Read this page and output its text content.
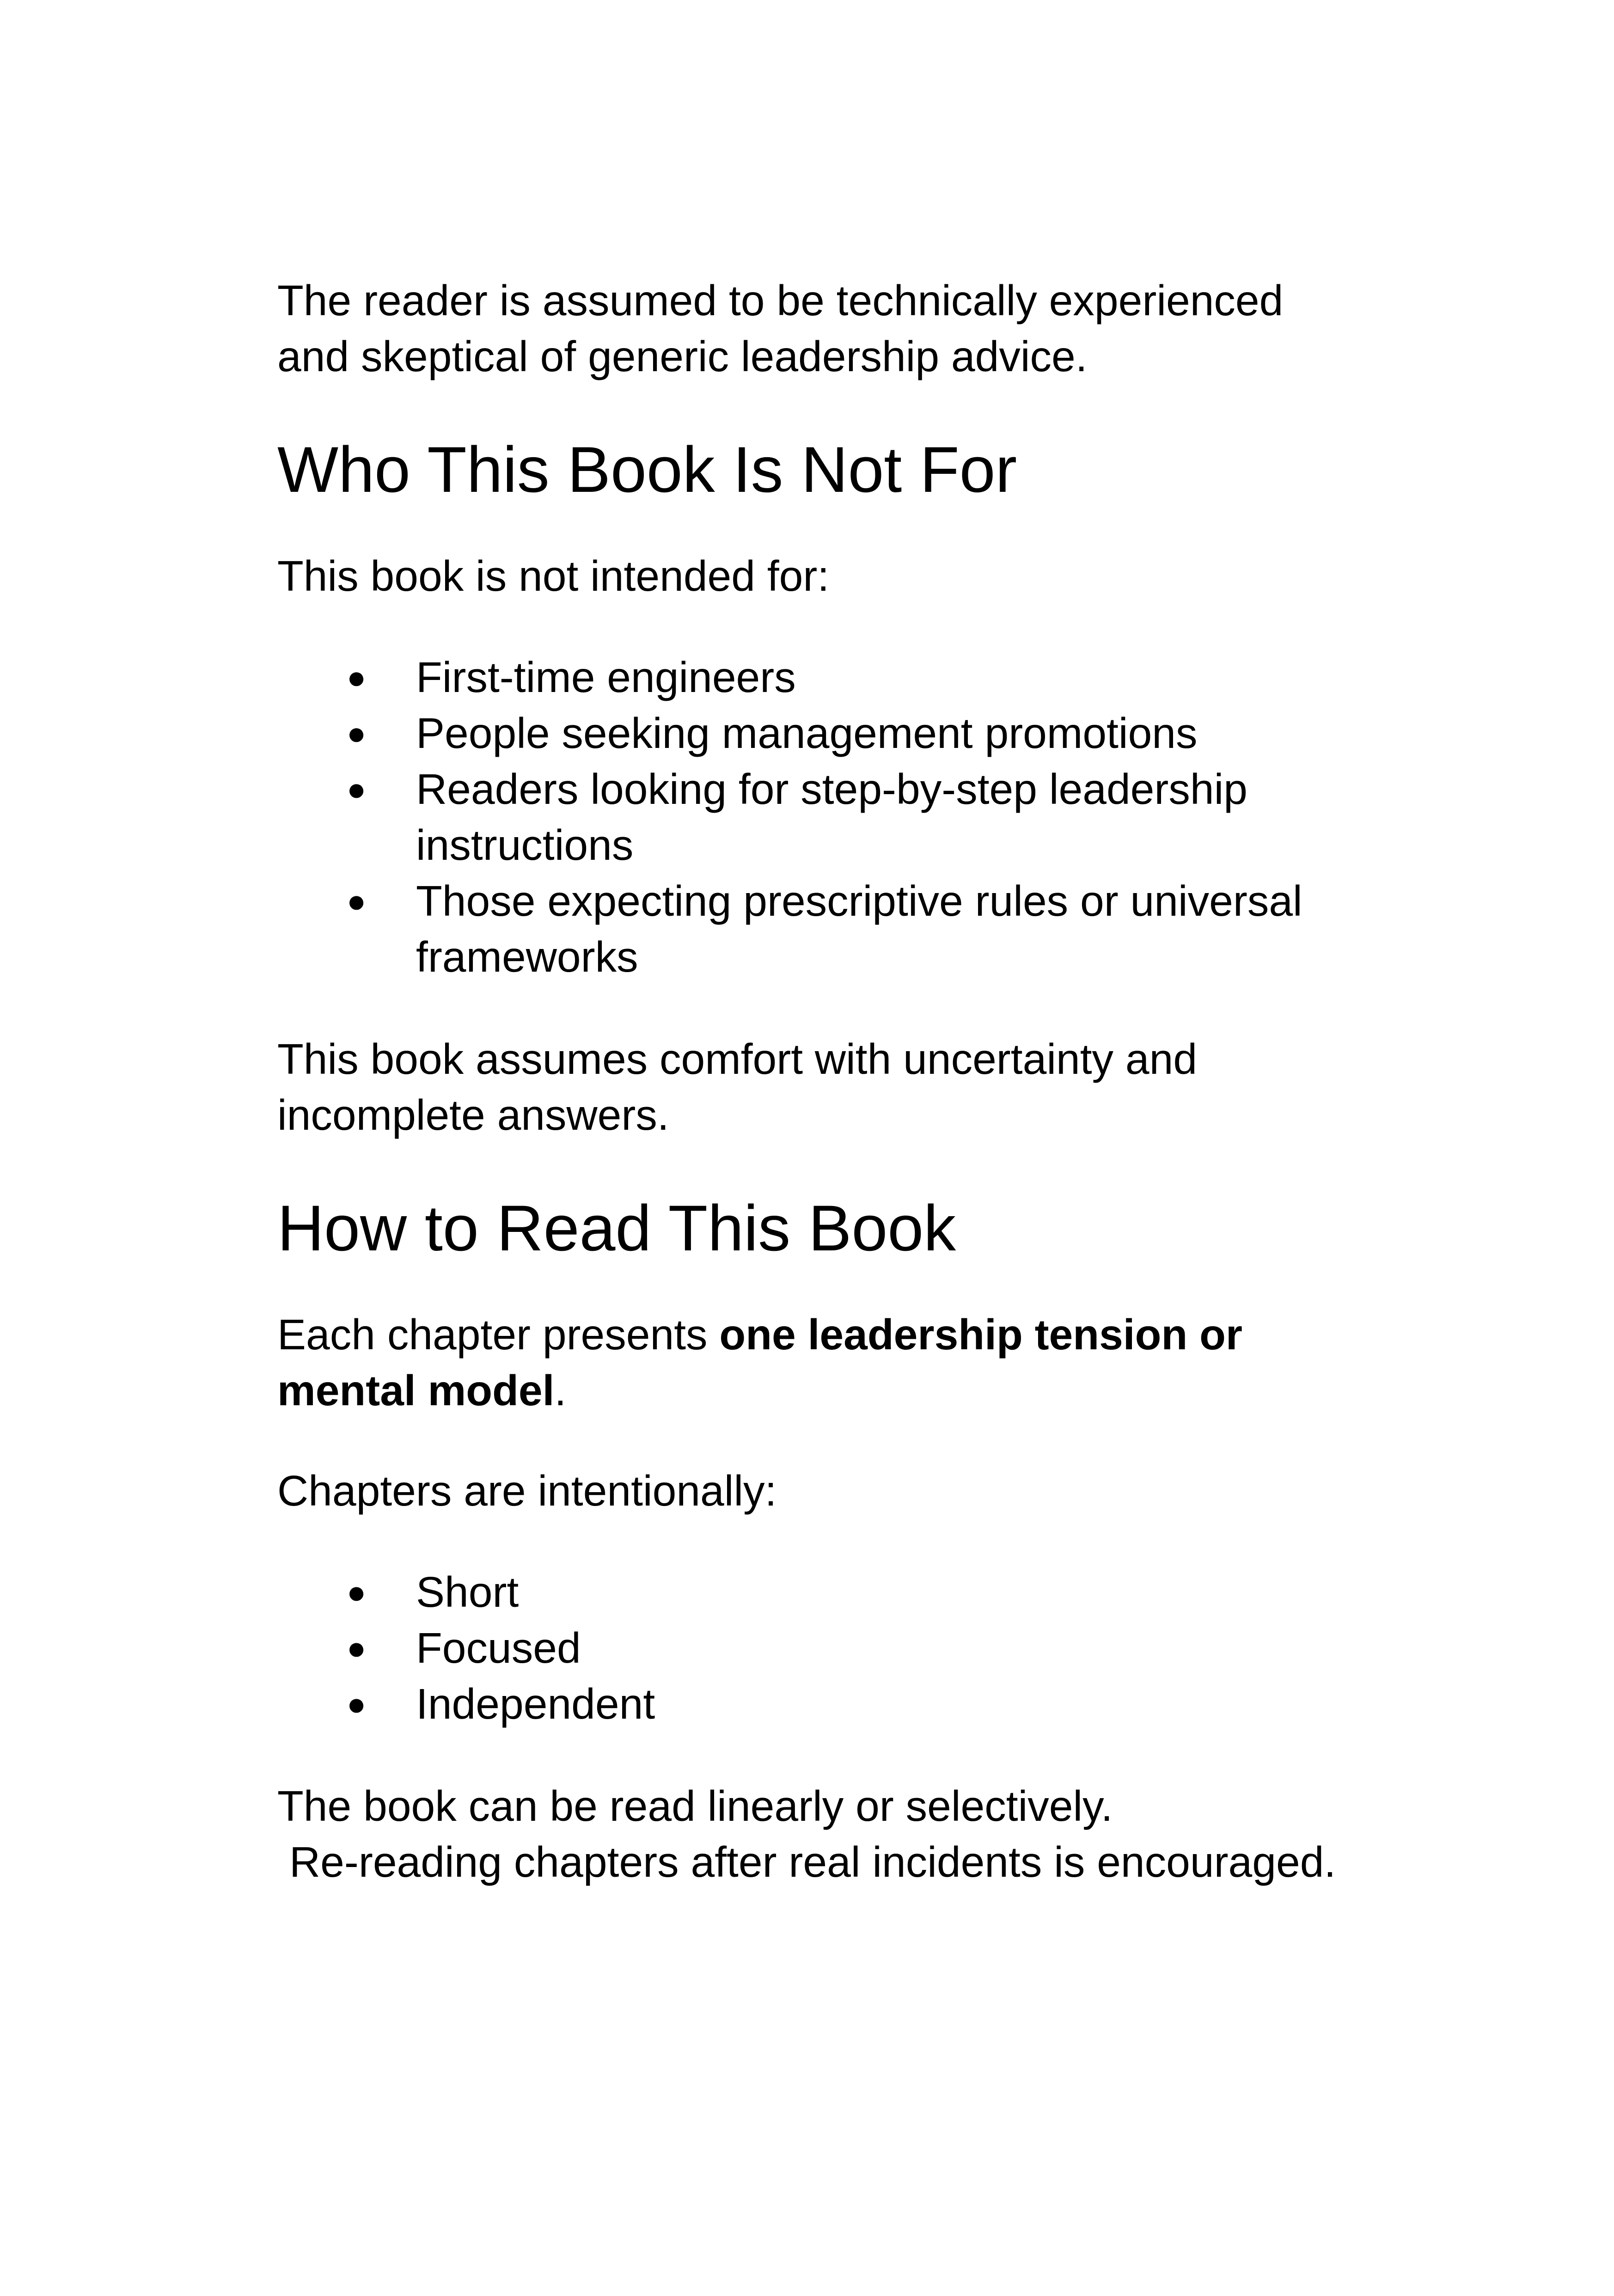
The reader is assumed to be technically experienced
and skeptical of generic leadership advice.

Who This Book Is Not For

This book is not intended for:

● First-time engineers
● People seeking management promotions
● Readers looking for step-by-step leadership
instructions
● Those expecting prescriptive rules or universal
frameworks

This book assumes comfort with uncertainty and
incomplete answers.

How to Read This Book

Each chapter presents one leadership tension or
mental model.

Chapters are intentionally:

● Short
● Focused
● Independent

The book can be read linearly or selectively.
Re-reading chapters after real incidents is encouraged.
